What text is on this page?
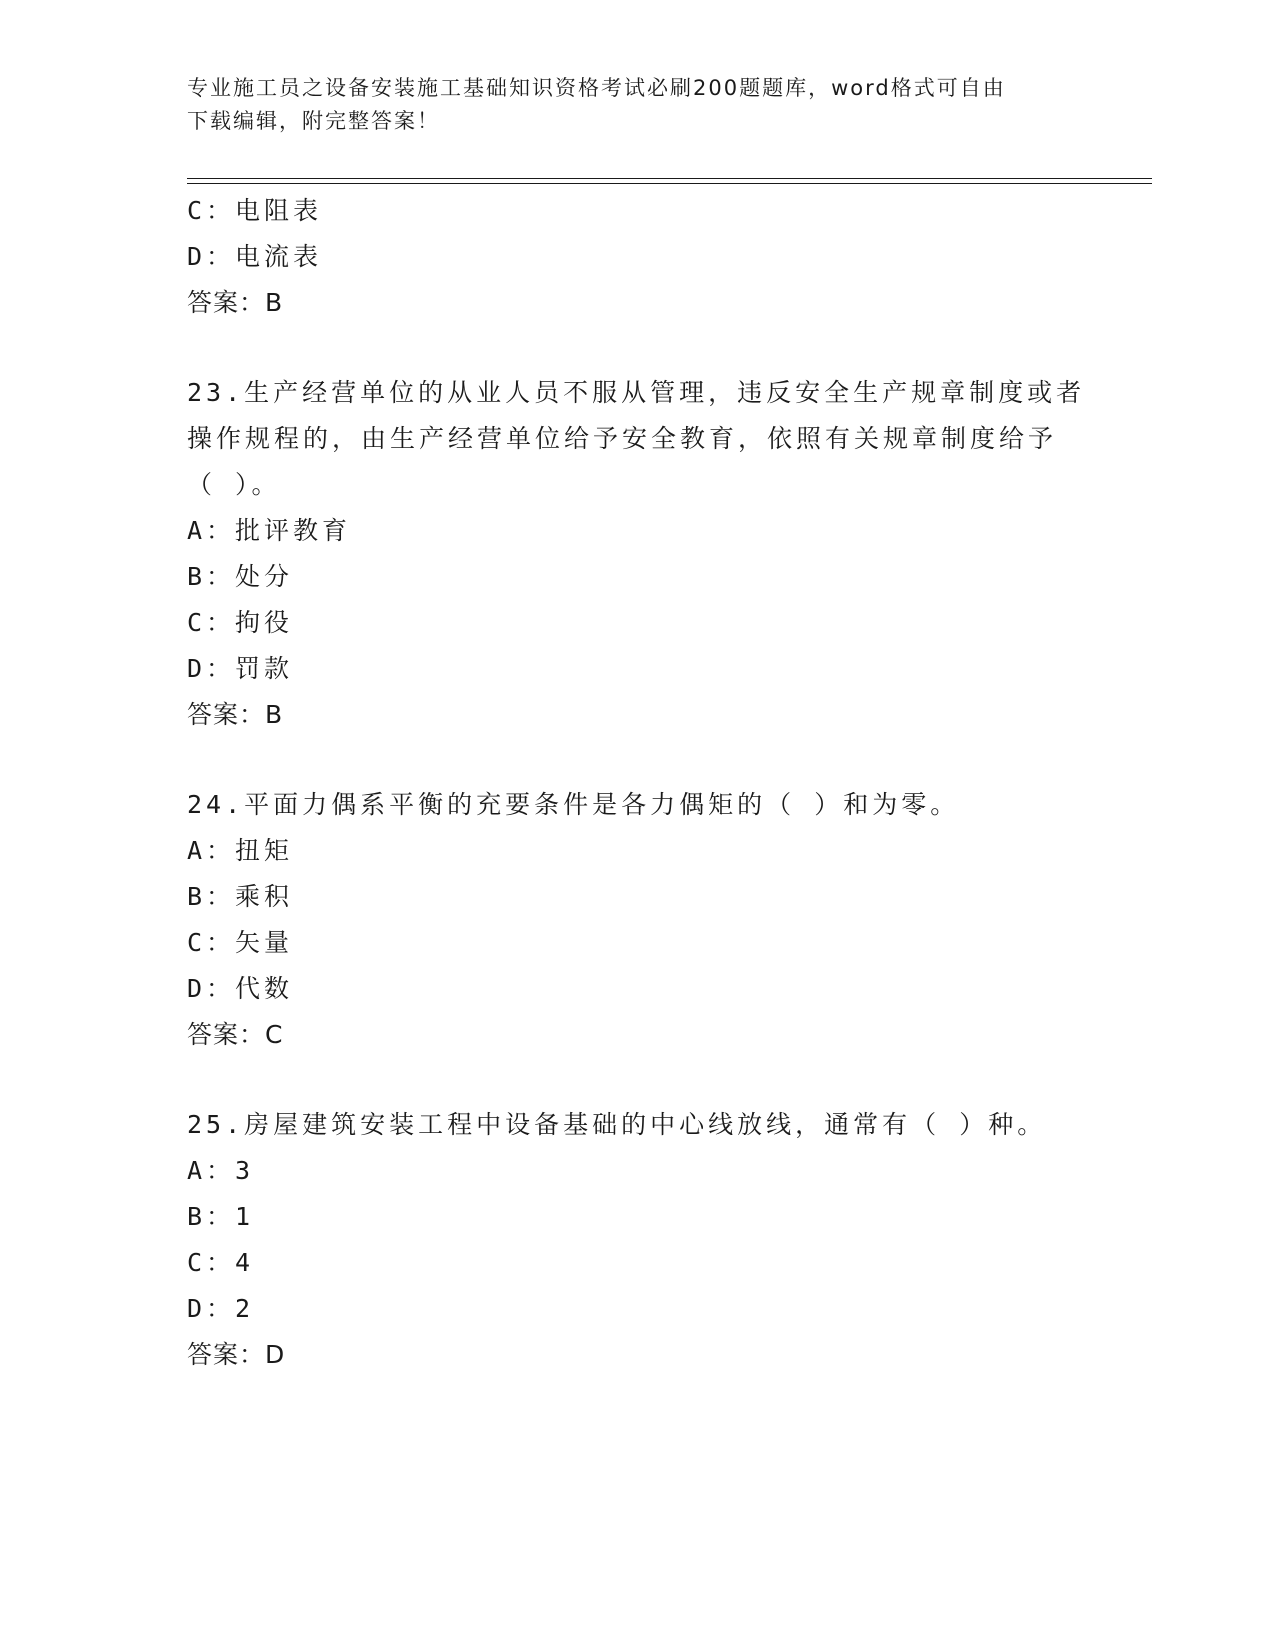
专业施工员之设备安装施工基础知识资格考试必刷200题题库，word格式可自由
下载编辑，附完整答案！
C：电阻表
D：电流表
答案：B
23.生产经营单位的从业人员不服从管理，违反安全生产规章制度或者
操作规程的，由生产经营单位给予安全教育，依照有关规章制度给予
（ ）。
A：批评教育
B：处分
C：拘役
D：罚款
答案：B
24.平面力偶系平衡的充要条件是各力偶矩的（ ）和为零。
A：扭矩
B：乘积
C：矢量
D：代数
答案：C
25.房屋建筑安装工程中设备基础的中心线放线，通常有（ ）种。
A：3
B：1
C：4
D：2
答案：D
